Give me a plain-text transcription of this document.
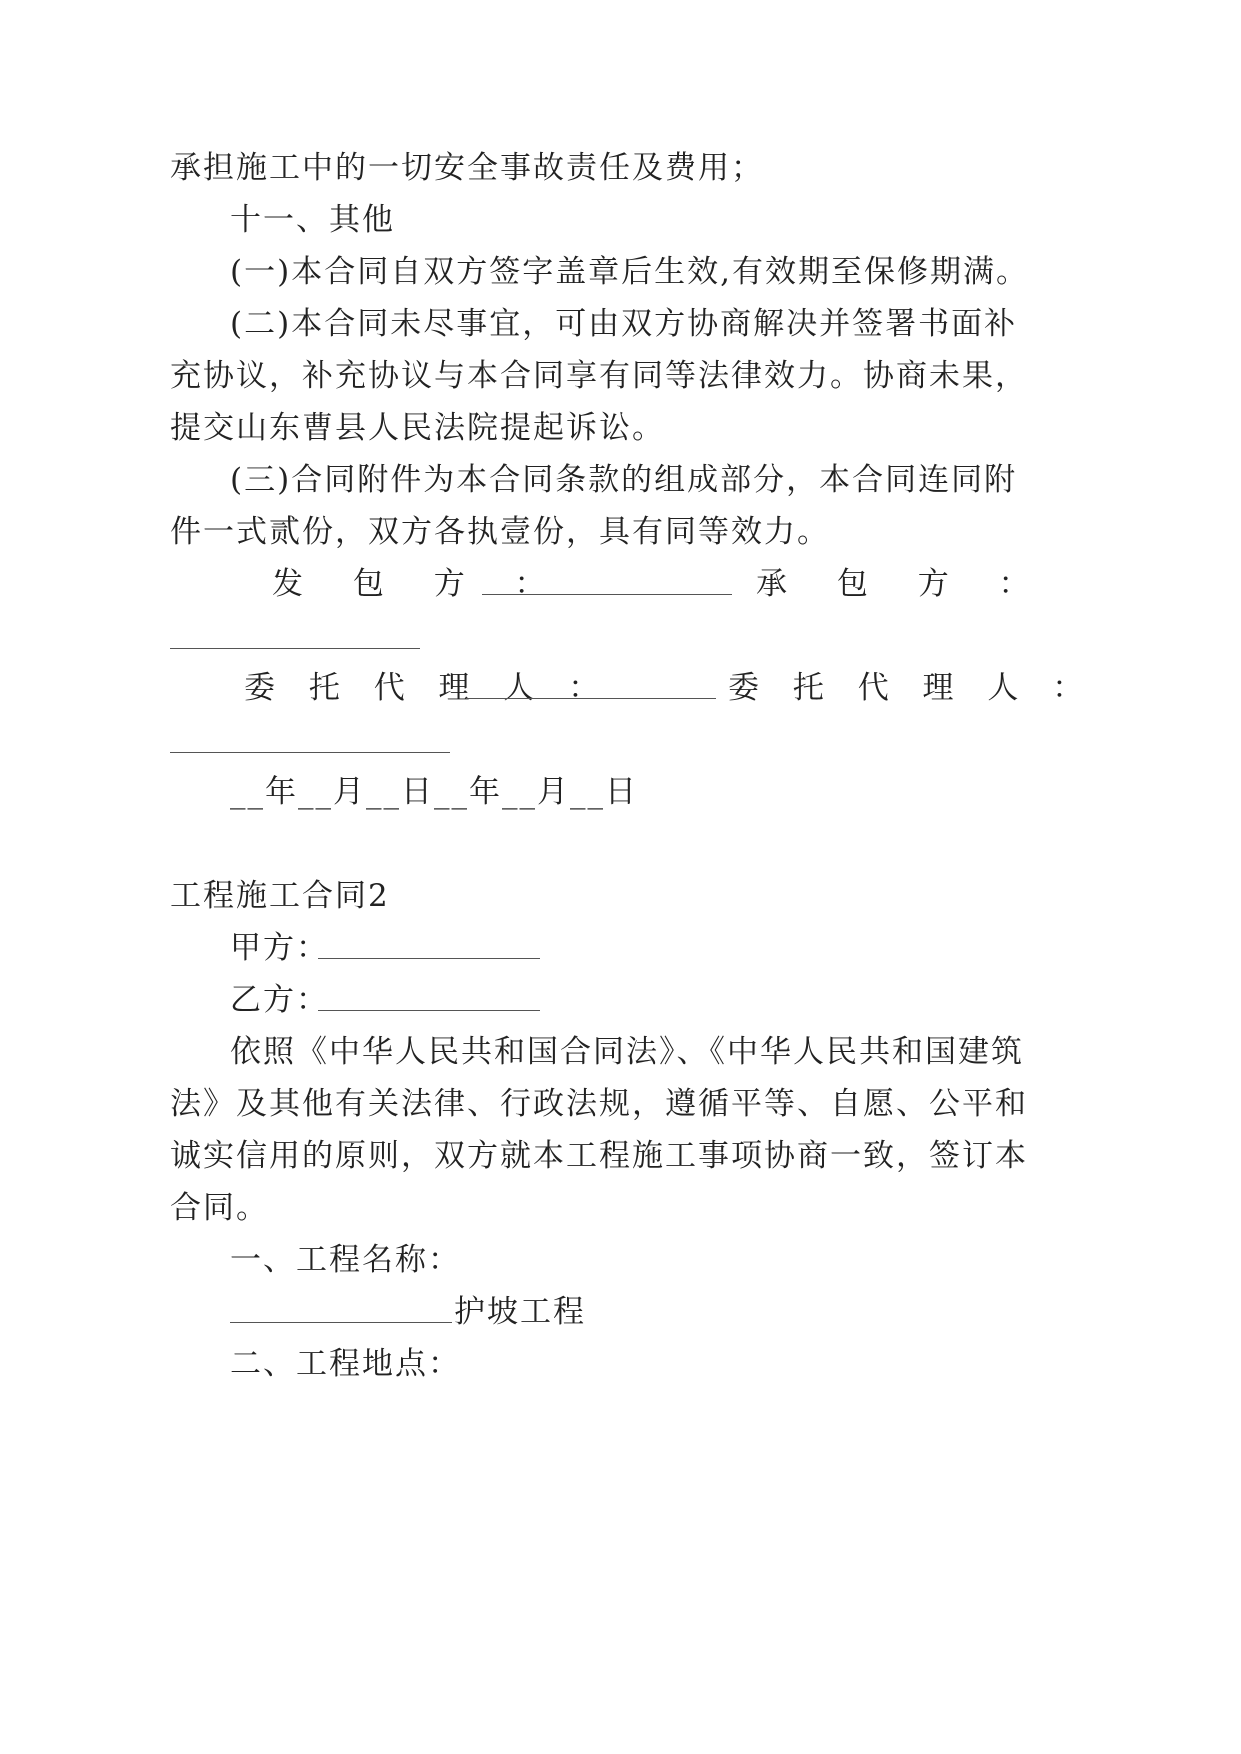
承担施工中的一切安全事故责任及费用；
十一、其他
(一)本合同自双方签字盖章后生效,有效期至保修期满。
(二)本合同未尽事宜，可由双方协商解决并签署书面补
充协议，补充协议与本合同享有同等法律效力。协商未果，
提交山东曹县人民法院提起诉讼。
(三)合同附件为本合同条款的组成部分，本合同连同附
件一式贰份，双方各执壹份，具有同等效力。
发 包 方 ：	承 包 方 ：
委 托 代 理 人 ：	委 托 代 理 人 ：
__年__月__日__年__月__日
工程施工合同2
甲方：
乙方：
依照《中华人民共和国合同法》、《中华人民共和国建筑
法》及其他有关法律、行政法规，遵循平等、自愿、公平和
诚实信用的原则，双方就本工程施工事项协商一致，签订本
合同。
一、工程名称：
护坡工程
二、工程地点：
